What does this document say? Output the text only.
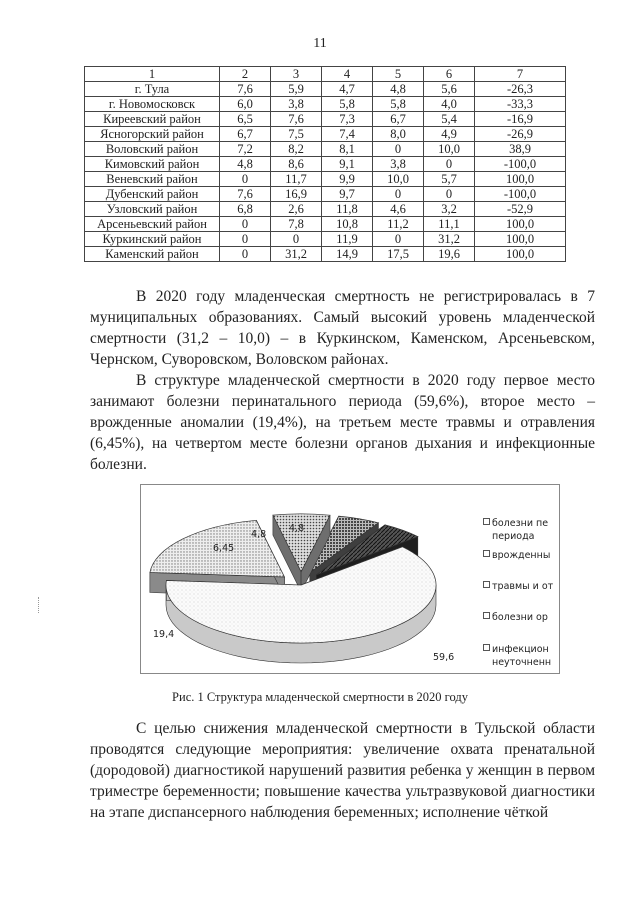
11
1	2	3	4	5	6	7
г. Тула	7,6	5,9	4,7	4,8	5,6	-26,3
г. Новомосковск	6,0	3,8	5,8	5,8	4,0	-33,3
Киреевский район	6,5	7,6	7,3	6,7	5,4	-16,9
Ясногорский район	6,7	7,5	7,4	8,0	4,9	-26,9
Воловский район	7,2	8,2	8,1	0	10,0	38,9
Кимовский район	4,8	8,6	9,1	3,8	0	-100,0
Веневский район	0	11,7	9,9	10,0	5,7	100,0
Дубенский район	7,6	16,9	9,7	0	0	-100,0
Узловский район	6,8	2,6	11,8	4,6	3,2	-52,9
Арсеньевский район	0	7,8	10,8	11,2	11,1	100,0
Куркинский район	0	0	11,9	0	31,2	100,0
Каменский район	0	31,2	14,9	17,5	19,6	100,0
В 2020 году младенческая смертность не регистрировалась в 7 муниципальных образованиях. Самый высокий уровень младенческой смертности (31,2 – 10,0) – в Куркинском, Каменском, Арсеньевском, Чернском, Суворовском, Воловском районах.
В структуре младенческой смертности в 2020 году первое место занимают болезни перинатального периода (59,6%), второе место – врожденные аномалии (19,4%), на третьем месте травмы и отравления (6,45%), на четвертом месте болезни органов дыхания и инфекционные болезни.
59,6
19,4
6,45
4,8
4,8	болезни пе
периода
врожденны
травмы и от
болезни ор
инфекцион
неуточненн
Рис. 1 Структура младенческой смертности в 2020 году
С целью снижения младенческой смертности в Тульской области проводятся следующие мероприятия: увеличение охвата пренатальной (дородовой) диагностикой нарушений развития ребенка у женщин в первом триместре беременности; повышение качества ультразвуковой диагностики на этапе диспансерного наблюдения беременных; исполнение чёткой
